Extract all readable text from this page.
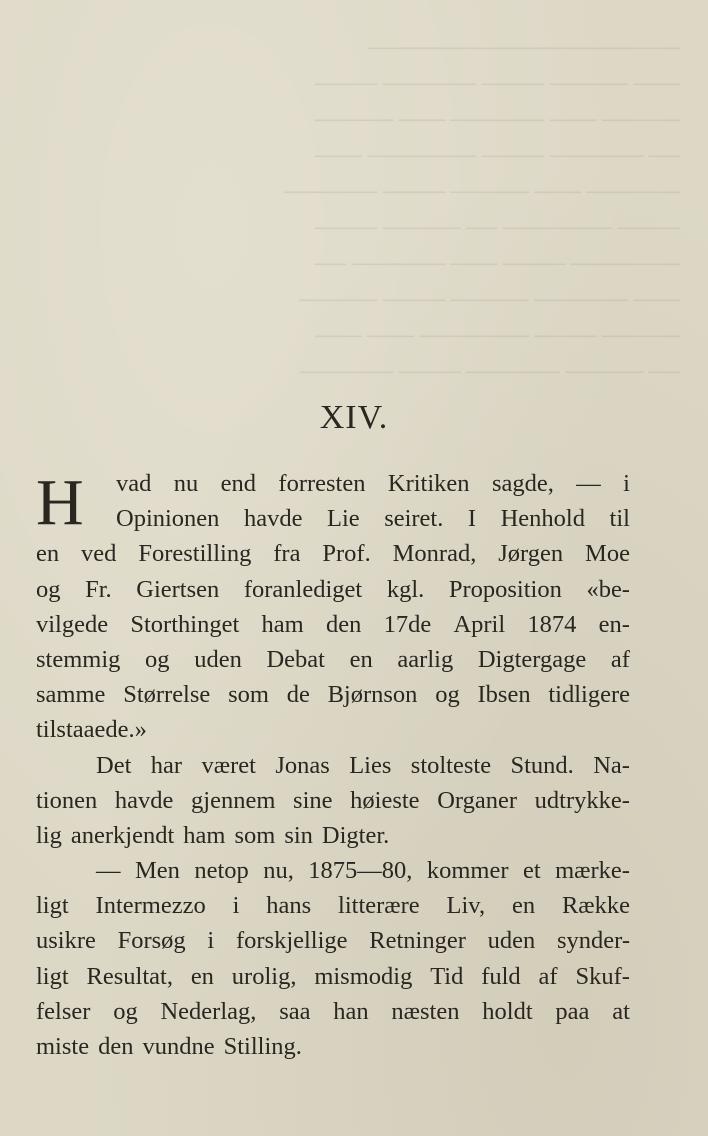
────────────────────
─── ───── ──── ────── ────
───── ─── ────── ─── ─────
── ────── ──── ─────── ───
────── ─── ───── ──── ──────
──── ─────── ── ───── ────
─────── ──── ─── ────── ──
─── ────── ───── ──── ─────
───── ──── ─────── ─── ───
── ───── ────── ──── ──────
XIV.
H vad nu end forresten Kritiken sagde, — i
Opinionen havde Lie seiret. I Henhold til
en ved Forestilling fra Prof. Monrad, Jørgen Moe
og Fr. Giertsen foranlediget kgl. Proposition «be-
vilgede Storthinget ham den 17de April 1874 en-
stemmig og uden Debat en aarlig Digtergage af
samme Størrelse som de Bjørnson og Ibsen tidligere
tilstaaede.»
Det har været Jonas Lies stolteste Stund. Na-
tionen havde gjennem sine høieste Organer udtrykke-
lig anerkjendt ham som sin Digter.
— Men netop nu, 1875—80, kommer et mærke-
ligt Intermezzo i hans litterære Liv, en Række
usikre Forsøg i forskjellige Retninger uden synder-
ligt Resultat, en urolig, mismodig Tid fuld af Skuf-
felser og Nederlag, saa han næsten holdt paa at
miste den vundne Stilling.
